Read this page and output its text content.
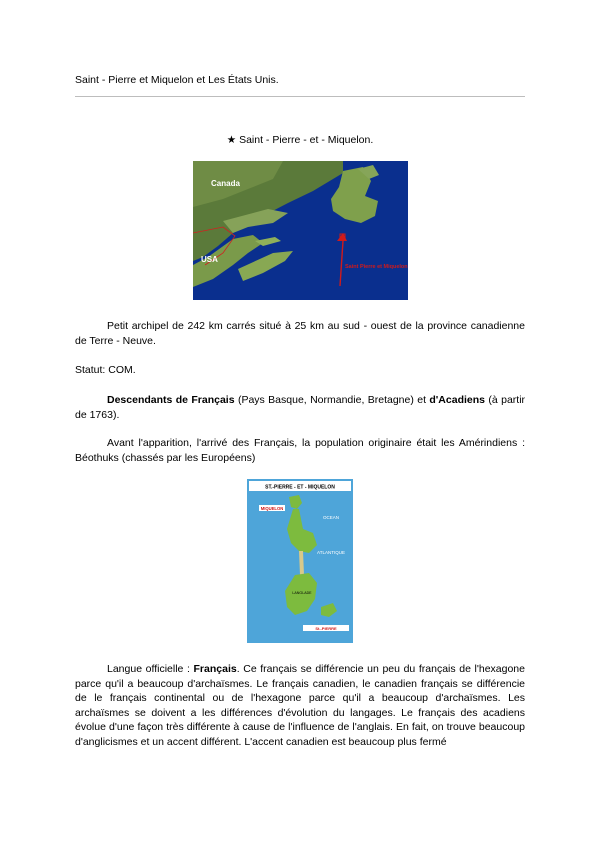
Saint - Pierre et Miquelon et Les États Unis.
★ Saint - Pierre - et - Miquelon.
Canada
USA
Saint Pierre et Miquelon
Petit archipel de 242 km carrés situé à 25 km au sud - ouest de la province canadienne de Terre - Neuve.
Statut: COM.
Descendants de Français (Pays Basque, Normandie, Bretagne) et d'Acadiens (à partir de 1763).
Avant l'apparition, l'arrivé des Français, la population originaire était les Amérindiens : Béothuks (chassés par les Européens)
ST.-PIERRE - ET - MIQUELON
MIQUELON
OCEAN
ATLANTIQUE
LANGLADE
St.-PIERRE
Langue officielle : Français. Ce français se différencie un peu du français de l'hexagone parce qu'il a beaucoup d'archaïsmes. Le français canadien, le canadien français se différencie de le français continental ou de l'hexagone parce qu'il a beaucoup d'archaïsmes. Les archaïsmes se doivent a les différences d'évolution du langages. Le français des acadiens évolue d'une façon très différente à cause de l'influence de l'anglais. En fait, on trouve beaucoup d'anglicismes et un accent différent. L'accent canadien est beaucoup plus fermé
